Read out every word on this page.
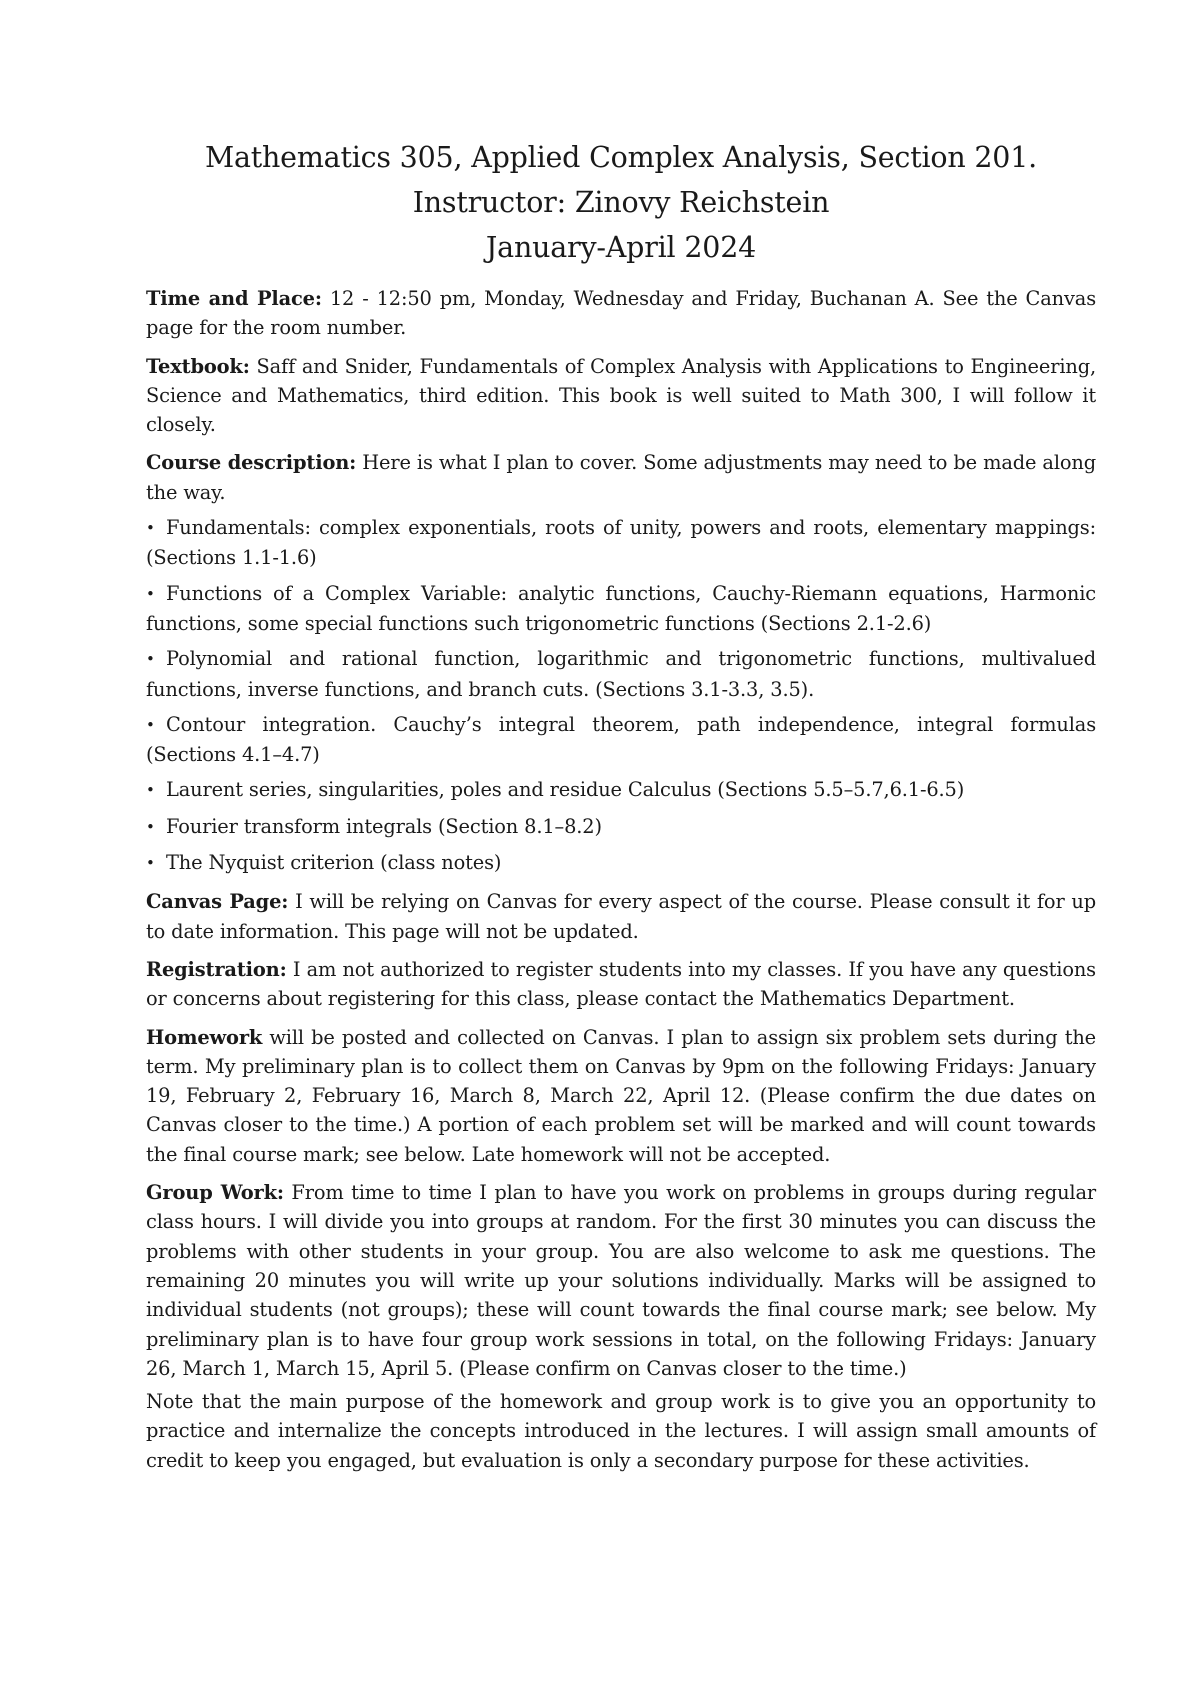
Mathematics 305, Applied Complex Analysis, Section 201.
Instructor: Zinovy Reichstein
January-April 2024

Time and Place: 12 - 12:50 pm, Monday, Wednesday and Friday, Buchanan A. See the Canvas page for the room number.

Textbook: Saff and Snider, Fundamentals of Complex Analysis with Applications to Engineering, Science and Mathematics, third edition. This book is well suited to Math 300, I will follow it closely.

Course description: Here is what I plan to cover. Some adjustments may need to be made along the way.

• Fundamentals: complex exponentials, roots of unity, powers and roots, elementary mappings: (Sections 1.1-1.6)
• Functions of a Complex Variable: analytic functions, Cauchy-Riemann equations, Harmonic functions, some special functions such trigonometric functions (Sections 2.1-2.6)
• Polynomial and rational function, logarithmic and trigonometric functions, multivalued functions, inverse functions, and branch cuts. (Sections 3.1-3.3, 3.5).
• Contour integration. Cauchy’s integral theorem, path independence, integral formulas (Sections 4.1–4.7)
• Laurent series, singularities, poles and residue Calculus (Sections 5.5–5.7,6.1-6.5)
• Fourier transform integrals (Section 8.1–8.2)
• The Nyquist criterion (class notes)

Canvas Page: I will be relying on Canvas for every aspect of the course. Please consult it for up to date information. This page will not be updated.

Registration: I am not authorized to register students into my classes. If you have any questions or concerns about registering for this class, please contact the Mathematics Department.

Homework will be posted and collected on Canvas. I plan to assign six problem sets during the term. My preliminary plan is to collect them on Canvas by 9pm on the following Fridays: January 19, February 2, February 16, March 8, March 22, April 12. (Please confirm the due dates on Canvas closer to the time.) A portion of each problem set will be marked and will count towards the final course mark; see below. Late homework will not be accepted.

Group Work: From time to time I plan to have you work on problems in groups during regular class hours. I will divide you into groups at random. For the first 30 minutes you can discuss the problems with other students in your group. You are also welcome to ask me questions. The remaining 20 minutes you will write up your solutions individually. Marks will be assigned to individual students (not groups); these will count towards the final course mark; see below. My preliminary plan is to have four group work sessions in total, on the following Fridays: January 26, March 1, March 15, April 5. (Please confirm on Canvas closer to the time.)

Note that the main purpose of the homework and group work is to give you an opportunity to practice and internalize the concepts introduced in the lectures. I will assign small amounts of credit to keep you engaged, but evaluation is only a secondary purpose for these activities.
